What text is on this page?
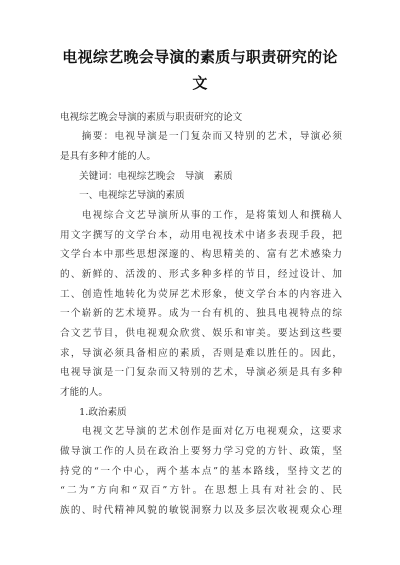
电视综艺晚会导演的素质与职责研究的论
文
电视综艺晚会导演的素质与职责研究的论文
　　摘要：电视导演是一门复杂而又特别的艺术，导演必须
是具有多种才能的人。
　　关键词：电视综艺晚会　导演　素质
　　一、电视综艺导演的素质
　　电视综合文艺导演所从事的工作，是将策划人和撰稿人
用文字撰写的文学台本，动用电视技术中诸多表现手段，把
文学台本中那些思想深邃的、构思精美的、富有艺术感染力
的、新鲜的、活泼的、形式多种多样的节目，经过设计、加
工、创造性地转化为荧屏艺术形象，使文学台本的内容进入
一个崭新的艺术境界。成为一台有机的、独具电视特点的综
合文艺节目，供电视观众欣赏、娱乐和审美。要达到这些要
求，导演必须具备相应的素质，否则是难以胜任的。因此，
电视导演是一门复杂而又特别的艺术，导演必须是具有多种
才能的人。
　　1.政治素质
　　电视文艺导演的艺术创作是面对亿万电视观众，这要求
做导演工作的人员在政治上要努力学习党的方针、政策，坚
持党的“一个中心，两个基本点”的基本路线，坚持文艺的
“二为”方向和“双百”方针。在思想上具有对社会的、民
族的、时代精神风貌的敏锐洞察力以及多层次收视观众心理
